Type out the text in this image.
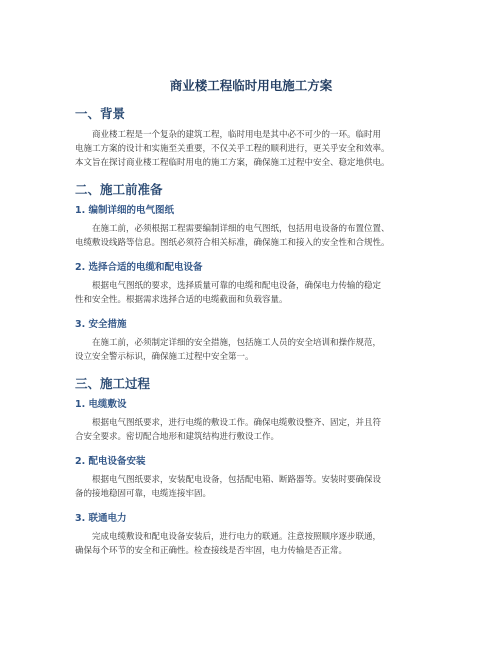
商业楼工程临时用电施工方案
一、背景
商业楼工程是一个复杂的建筑工程，临时用电是其中必不可少的一环。临时用
电施工方案的设计和实施至关重要，不仅关乎工程的顺利进行，更关乎安全和效率。
本文旨在探讨商业楼工程临时用电的施工方案，确保施工过程中安全、稳定地供电。
二、施工前准备
1. 编制详细的电气图纸
在施工前，必须根据工程需要编制详细的电气图纸，包括用电设备的布置位置、
电缆敷设线路等信息。图纸必须符合相关标准，确保施工和接入的安全性和合规性。
2. 选择合适的电缆和配电设备
根据电气图纸的要求，选择质量可靠的电缆和配电设备，确保电力传输的稳定
性和安全性。根据需求选择合适的电缆截面和负载容量。
3. 安全措施
在施工前，必须制定详细的安全措施，包括施工人员的安全培训和操作规范，
设立安全警示标识，确保施工过程中安全第一。
三、施工过程
1. 电缆敷设
根据电气图纸要求，进行电缆的敷设工作。确保电缆敷设整齐、固定，并且符
合安全要求。密切配合地形和建筑结构进行敷设工作。
2. 配电设备安装
根据电气图纸要求，安装配电设备，包括配电箱、断路器等。安装时要确保设
备的接地稳固可靠，电缆连接牢固。
3. 联通电力
完成电缆敷设和配电设备安装后，进行电力的联通。注意按照顺序逐步联通，
确保每个环节的安全和正确性。检查接线是否牢固，电力传输是否正常。
